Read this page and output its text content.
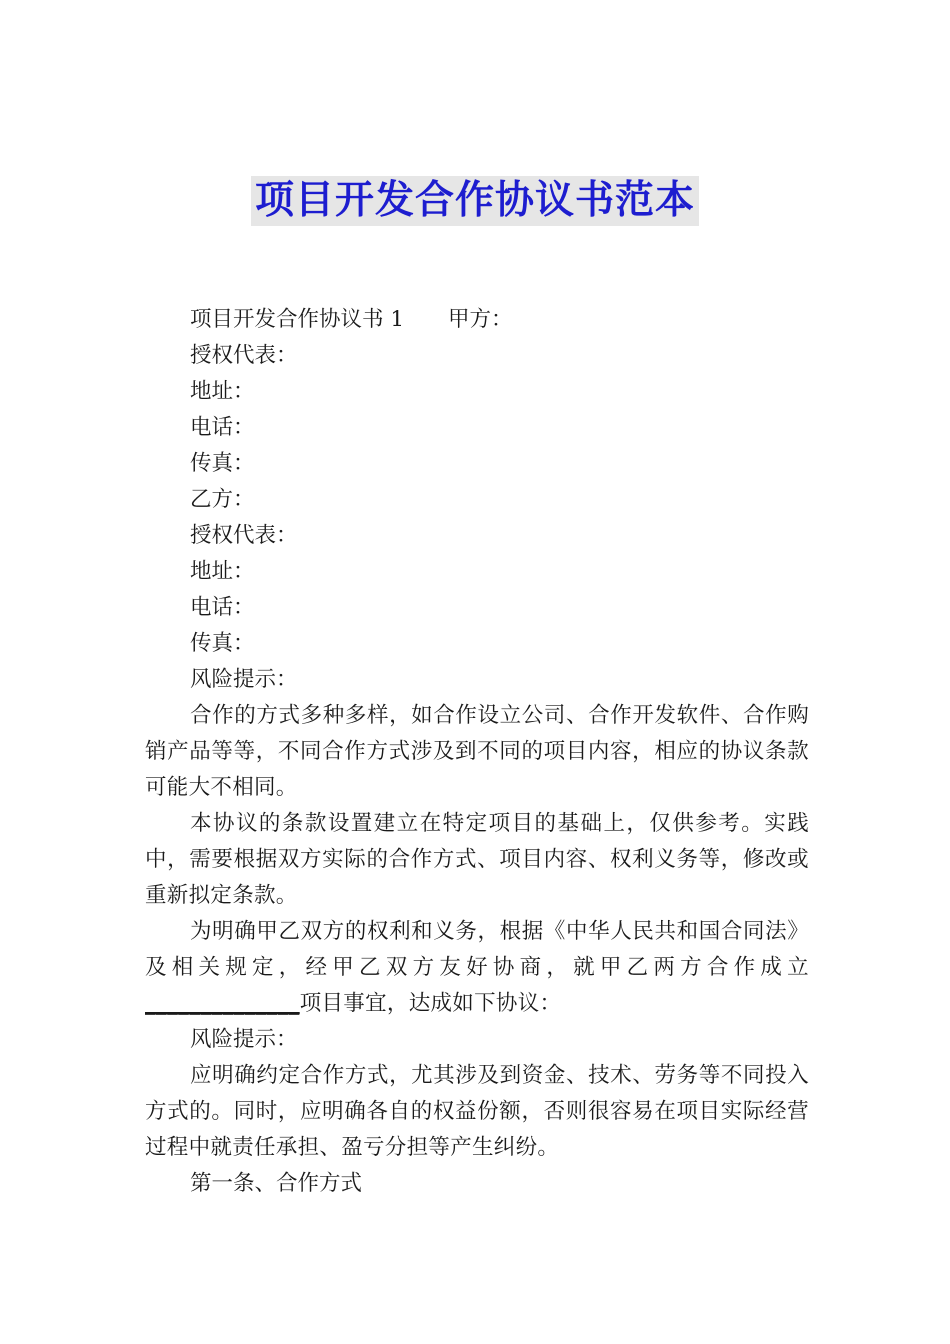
项目开发合作协议书范本

项目开发合作协议书 1 甲方：

授权代表：

地址：

电话：

传真：

乙方：

授权代表：

地址：

电话：

传真：

风险提示：

合作的方式多种多样，如合作设立公司、合作开发软件、合作购销产品等等，不同合作方式涉及到不同的项目内容，相应的协议条款可能大不相同。

本协议的条款设置建立在特定项目的基础上，仅供参考。实践中，需要根据双方实际的合作方式、项目内容、权利义务等，修改或重新拟定条款。

为明确甲乙双方的权利和义务，根据《中华人民共和国合同法》及相关规定，经甲乙双方友好协商，就甲乙两方合作成立______________项目事宜，达成如下协议：

风险提示：

应明确约定合作方式，尤其涉及到资金、技术、劳务等不同投入方式的。同时，应明确各自的权益份额，否则很容易在项目实际经营过程中就责任承担、盈亏分担等产生纠纷。

第一条、合作方式
